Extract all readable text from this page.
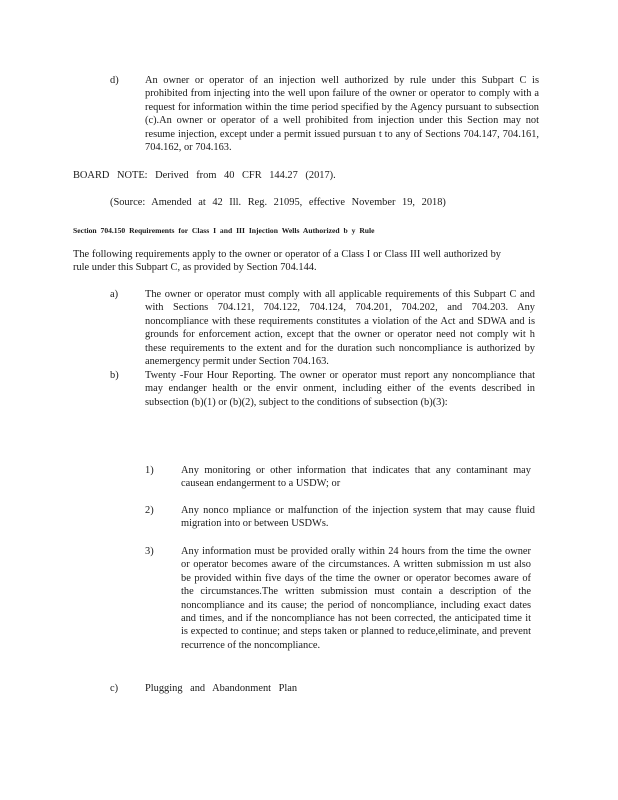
d)	An owner or operator of an injection well authorized by rule under this Subpart C is prohibited from injecting into the well upon failure of the owner or operator to comply with a request for information within the time period specified by the Agency pursuant to subsection (c).An owner or operator of a well prohibited from injection under this Section may not resume injection, except under a permit issued pursuan t to any of Sections 704.147, 704.161, 704.162, or 704.163.

BOARD NOTE: Derived from 40 CFR 144.27 (2017).

(Source: Amended at 42 Ill. Reg. 21095, effective November 19, 2018)

Section 704.150 Requirements for Class I and III Injection Wells Authorized b y Rule

The following requirements apply to the owner or operator of a Class I or Class III well authorized by rule under this Subpart C, as provided by Section 704.144.

a)	The owner or operator must comply with all applicable requirements of this Subpart C and with Sections 704.121, 704.122, 704.124, 704.201, 704.202, and 704.203. Any noncompliance with these requirements constitutes a violation of the Act and SDWA and is grounds for enforcement action, except that the owner or operator need not comply wit h these requirements to the extent and for the duration such noncompliance is authorized by anemergency permit under Section 704.163.

b)	Twenty -Four Hour Reporting. The owner or operator must report any noncompliance that may endanger health or the envir onment, including either of the events described in subsection (b)(1) or (b)(2), subject to the conditions of subsection (b)(3):

1)	Any monitoring or other information that indicates that any contaminant may causean endangerment to a USDW; or

2)	Any nonco mpliance or malfunction of the injection system that may cause fluid migration into or between USDWs.

3)	Any information must be provided orally within 24 hours from the time the owner or operator becomes aware of the circumstances. A written submission m ust also be provided within five days of the time the owner or operator becomes aware of the circumstances.The written submission must contain a description of the noncompliance and its cause; the period of noncompliance, including exact dates and times, and if the noncompliance has not been corrected, the anticipated time it is expected to continue; and steps taken or planned to reduce,eliminate, and prevent recurrence of the noncompliance.

c)	Plugging and Abandonment Plan
